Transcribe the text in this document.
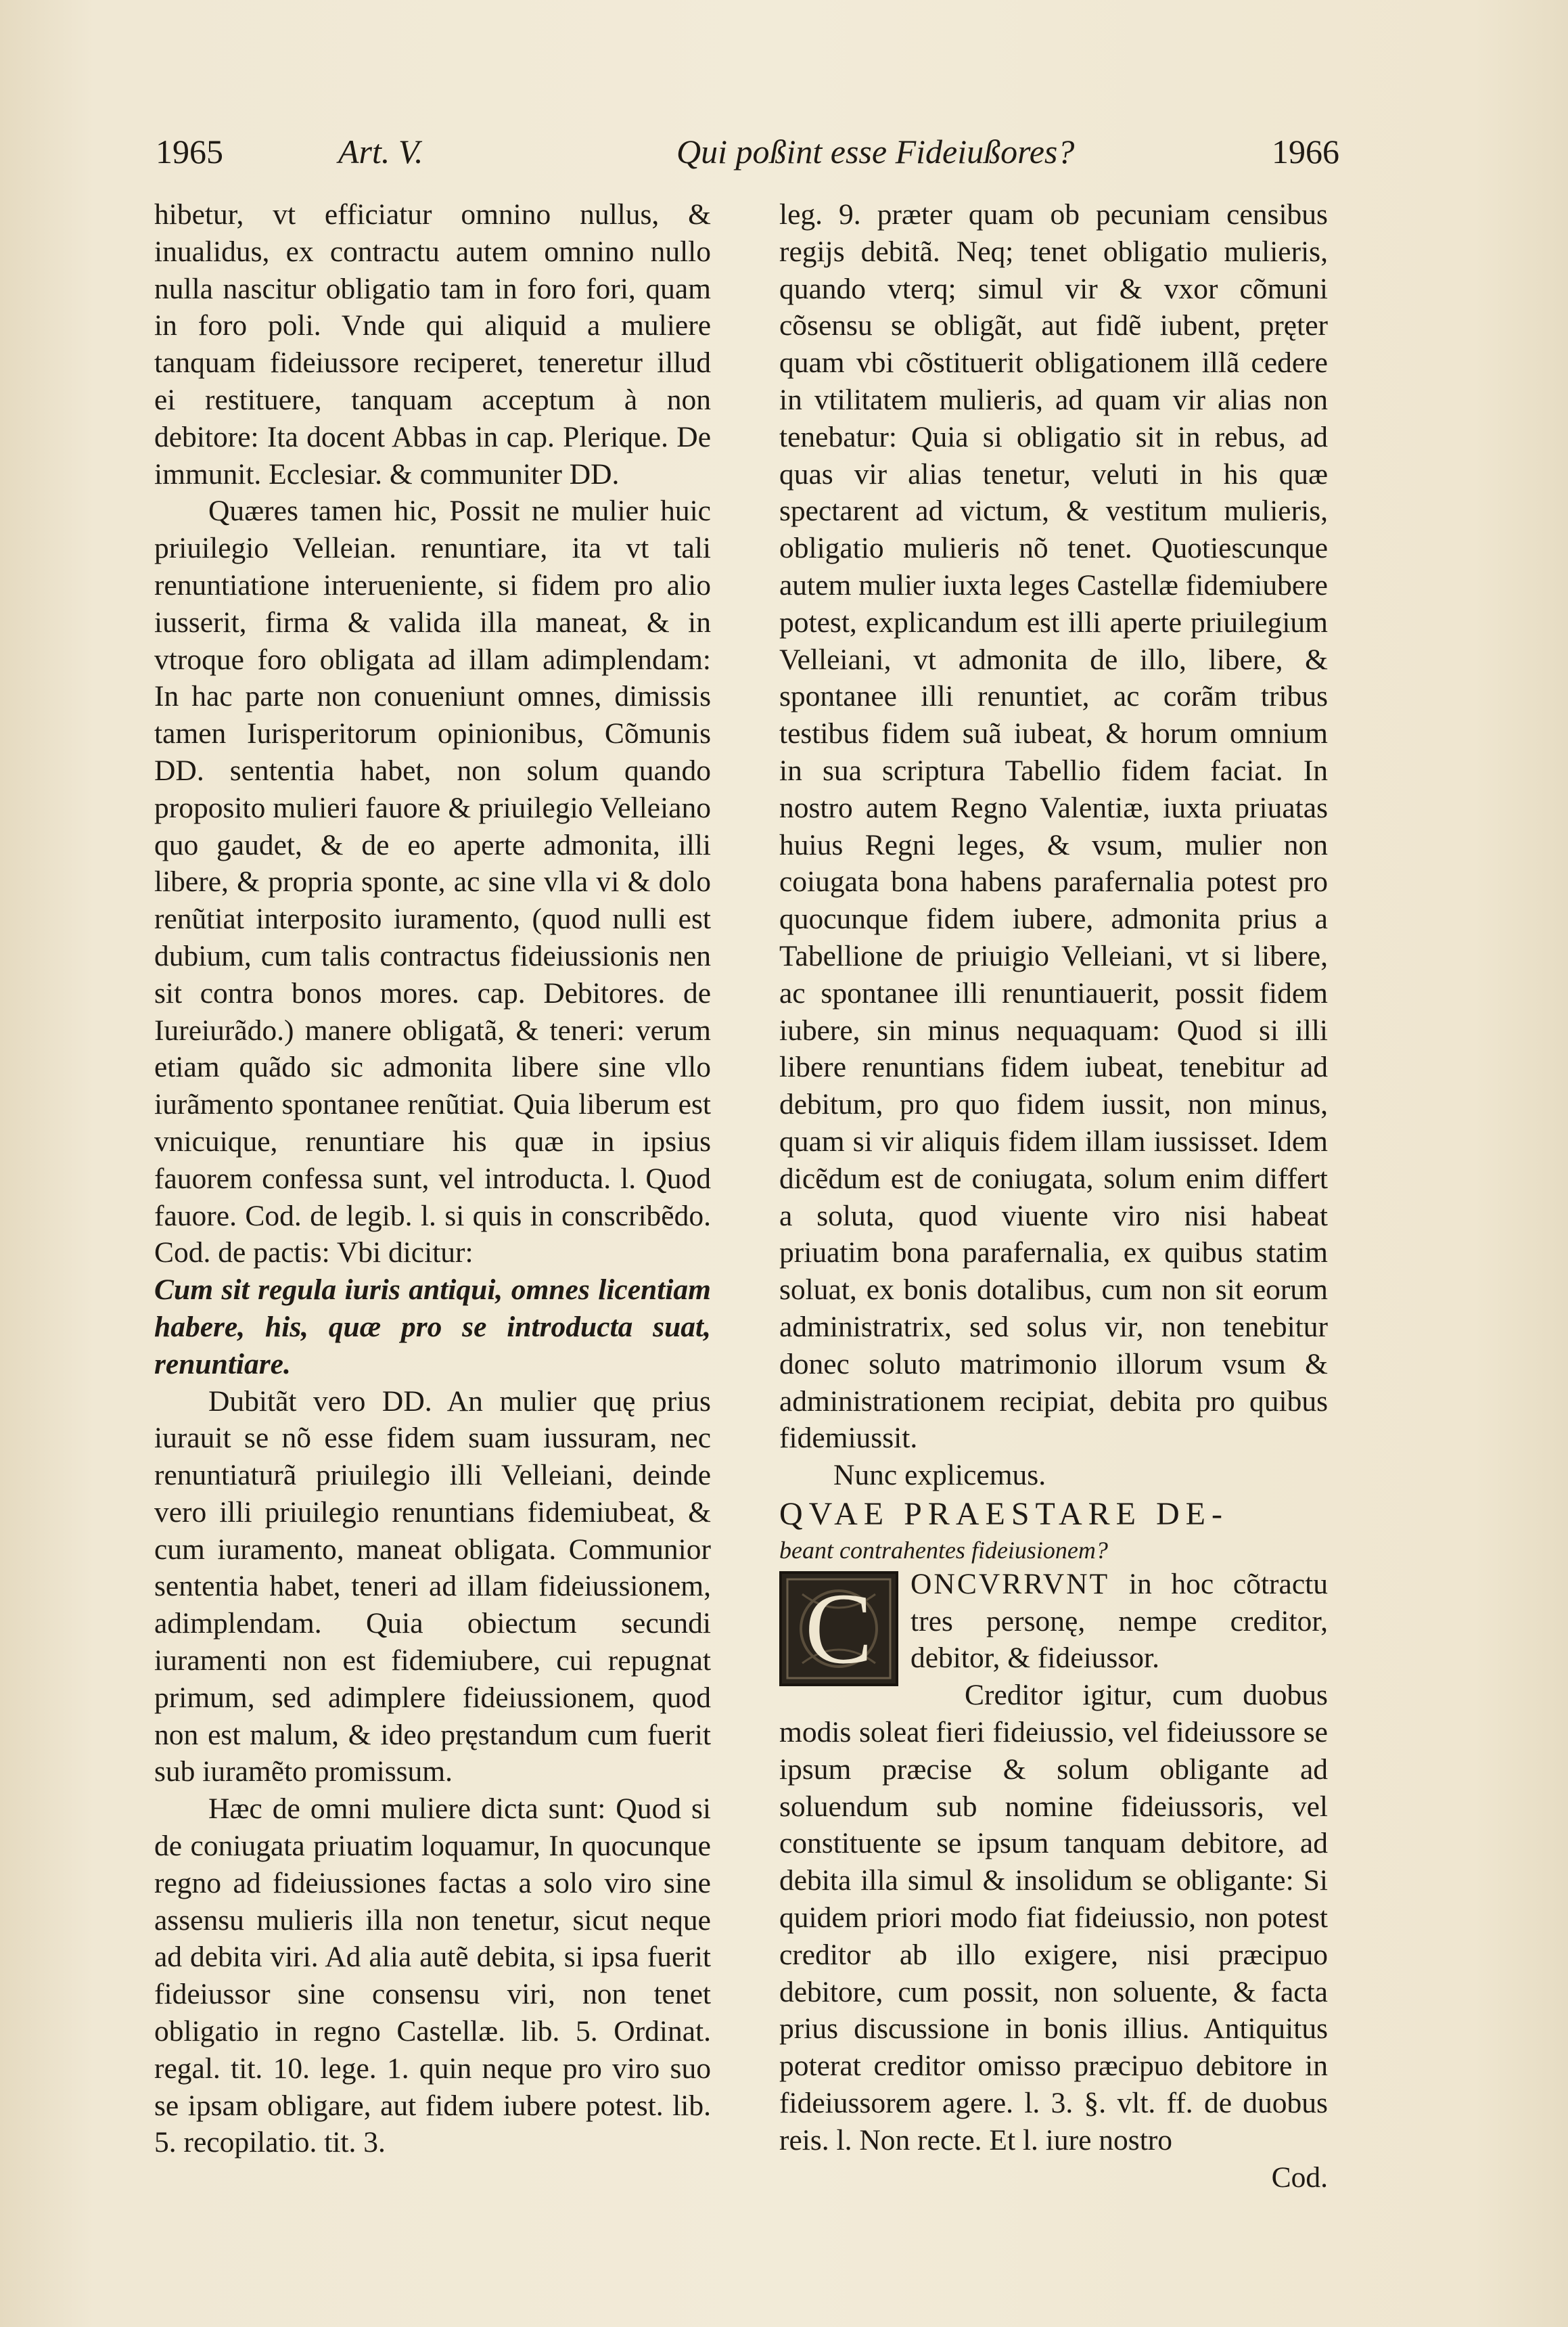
1965	Art. V.	Qui poßint esse Fideiußores?	1966

hibetur, vt efficiatur omnino nullus, & inualidus, ex contractu autem omnino nullo nulla nascitur obligatio tam in foro fori, quam in foro poli. Vnde qui aliquid a muliere tanquam fideiussore reciperet, teneretur illud ei restituere, tanquam acceptum à non debitore: Ita docent Abbas in cap. Plerique. De immunit. Ecclesiar. & communiter DD.

Quæres tamen hic, Possit ne mulier huic priuilegio Velleian. renuntiare, ita vt tali renuntiatione interueniente, si fidem pro alio iusserit, firma & valida illa maneat, & in vtroque foro obligata ad illam adimplendam: In hac parte non conueniunt omnes, dimissis tamen Iurisperitorum opinionibus, Cõmunis DD. sententia habet, non solum quando proposito mulieri fauore & priuilegio Velleiano quo gaudet, & de eo aperte admonita, illi libere, & propria sponte, ac sine vlla vi & dolo renũtiat interposito iuramento, (quod nulli est dubium, cum talis contractus fideiussionis nen sit contra bonos mores. cap. Debitores. de Iureiurãdo.) manere obligatã, & teneri: verum etiam quãdo sic admonita libere sine vllo iurãmento spontanee renũtiat. Quia liberum est vnicuique, renuntiare his quæ in ipsius fauorem confessa sunt, vel introducta. l. Quod fauore. Cod. de legib. l. si quis in conscribẽdo. Cod. de pactis: Vbi dicitur:

Cum sit regula iuris antiqui, omnes licentiam habere, his, quæ pro se introducta suat, renuntiare.

Dubitãt vero DD. An mulier quę prius iurauit se nõ esse fidem suam iussuram, nec renuntiaturã priuilegio illi Velleiani, deinde vero illi priuilegio renuntians fidemiubeat, & cum iuramento, maneat obligata. Communior sententia habet, teneri ad illam fideiussionem, adimplendam. Quia obiectum secundi iuramenti non est fidemiubere, cui repugnat primum, sed adimplere fideiussionem, quod non est malum, & ideo pręstandum cum fuerit sub iuramẽto promissum.

Hæc de omni muliere dicta sunt: Quod si de coniugata priuatim loquamur, In quocunque regno ad fideiussiones factas a solo viro sine assensu mulieris illa non tenetur, sicut neque ad debita viri. Ad alia autẽ debita, si ipsa fuerit fideiussor sine consensu viri, non tenet obligatio in regno Castellæ. lib. 5. Ordinat. regal. tit. 10. lege. 1. quin neque pro viro suo se ipsam obligare, aut fidem iubere potest. lib. 5. recopilatio. tit. 3.

leg. 9. præter quam ob pecuniam censibus regijs debitã. Neq; tenet obligatio mulieris, quando vterq; simul vir & vxor cõmuni cõsensu se obligãt, aut fidẽ iubent, pręter quam vbi cõstituerit obligationem illã cedere in vtilitatem mulieris, ad quam vir alias non tenebatur: Quia si obligatio sit in rebus, ad quas vir alias tenetur, veluti in his quæ spectarent ad victum, & vestitum mulieris, obligatio mulieris nõ tenet. Quotiescunque autem mulier iuxta leges Castellæ fidemiubere potest, explicandum est illi aperte priuilegium Velleiani, vt admonita de illo, libere, & spontanee illi renuntiet, ac corãm tribus testibus fidem suã iubeat, & horum omnium in sua scriptura Tabellio fidem faciat. In nostro autem Regno Valentiæ, iuxta priuatas huius Regni leges, & vsum, mulier non coiugata bona habens parafernalia potest pro quocunque fidem iubere, admonita prius a Tabellione de priuigio Velleiani, vt si libere, ac spontanee illi renuntiauerit, possit fidem iubere, sin minus nequaquam: Quod si illi libere renuntians fidem iubeat, tenebitur ad debitum, pro quo fidem iussit, non minus, quam si vir aliquis fidem illam iussisset. Idem dicẽdum est de coniugata, solum enim differt a soluta, quod viuente viro nisi habeat priuatim bona parafernalia, ex quibus statim soluat, ex bonis dotalibus, cum non sit eorum administratrix, sed solus vir, non tenebitur donec soluto matrimonio illorum vsum & administrationem recipiat, debita pro quibus fidemiussit.

Nunc explicemus.

QVAE PRAESTARE DE-

beant contrahentes fideiusionem?

C	ONCVRRVNT in hoc cõtractu tres personę, nempe creditor, debitor, & fideiussor.

Creditor igitur, cum duobus modis soleat fieri fideiussio, vel fideiussore se ipsum præcise & solum obligante ad soluendum sub nomine fideiussoris, vel constituente se ipsum tanquam debitore, ad debita illa simul & insolidum se obligante: Si quidem priori modo fiat fideiussio, non potest creditor ab illo exigere, nisi præcipuo debitore, cum possit, non soluente, & facta prius discussione in bonis illius. Antiquitus poterat creditor omisso præcipuo debitore in fideiussorem agere. l. 3. §. vlt. ff. de duobus reis. l. Non recte. Et l. iure nostro

Cod.
